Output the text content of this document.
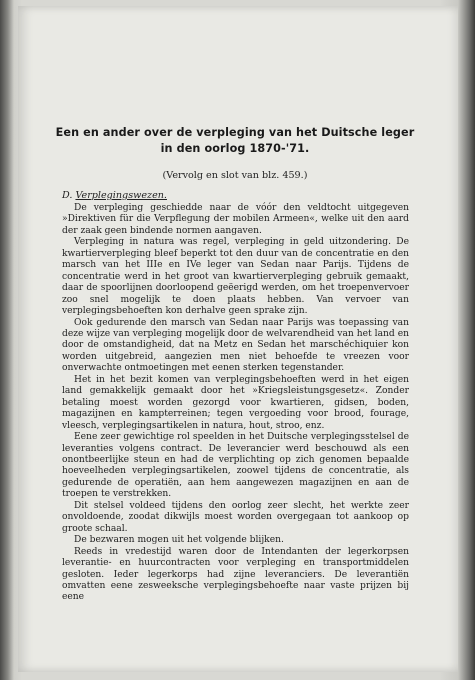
Een en ander over de verpleging van het Duitsche leger
in den oorlog 1870-'71.
(Vervolg en slot van blz. 459.)
D. Verplegingswezen.

De verpleging geschiedde naar de vóór den veldtocht uitgegeven »Direktiven für die Verpflegung der mobilen Armeen«, welke uit den aard der zaak geen bindende normen aangaven.

Verpleging in natura was regel, verpleging in geld uitzondering. De kwartierverpleging bleef beperkt tot den duur van de concentratie en den marsch van het IIIe en IVe leger van Sedan naar Parijs. Tijdens de concentratie werd in het groot van kwartierverpleging gebruik gemaakt, daar de spoorlijnen doorloopend geëerigd werden, om het troepenvervoer zoo snel mogelijk te doen plaats hebben. Van vervoer van verplegingsbehoeften kon derhalve geen sprake zijn.

Ook gedurende den marsch van Sedan naar Parijs was toepassing van deze wijze van verpleging mogelijk door de welvarendheid van het land en door de omstandigheid, dat na Metz en Sedan het marschéchiquier kon worden uitgebreid, aangezien men niet behoefde te vreezen voor onverwachte ontmoetingen met eenen sterken tegenstander.

Het in het bezit komen van verplegingsbehoeften werd in het eigen land gemakkelijk gemaakt door het »Kriegsleistungsgesetz«. Zonder betaling moest worden gezorgd voor kwartieren, gidsen, boden, magazijnen en kampterreinen; tegen vergoeding voor brood, fourage, vleesch, verplegingsartikelen in natura, hout, stroo, enz.

Eene zeer gewichtige rol speelden in het Duitsche verplegingsstelsel de leveranties volgens contract. De leverancier werd beschouwd als een onontbeerlijke steun en had de verplichting op zich genomen bepaalde hoeveelheden verplegingsartikelen, zoowel tijdens de concentratie, als gedurende de operatiën, aan hem aangewezen magazijnen en aan de troepen te verstrekken.

Dit stelsel voldeed tijdens den oorlog zeer slecht, het werkte zeer onvoldoende, zoodat dikwijls moest worden overgegaan tot aankoop op groote schaal.

De bezwaren mogen uit het volgende blijken.

Reeds in vredestijd waren door de Intendanten der legerkorpsen leverantie- en huurcontracten voor verpleging en transportmiddelen gesloten. Ieder legerkorps had zijne leveranciers. De leverantiën omvatten eene zesweeksche verplegingsbehoefte naar vaste prijzen bij eene
